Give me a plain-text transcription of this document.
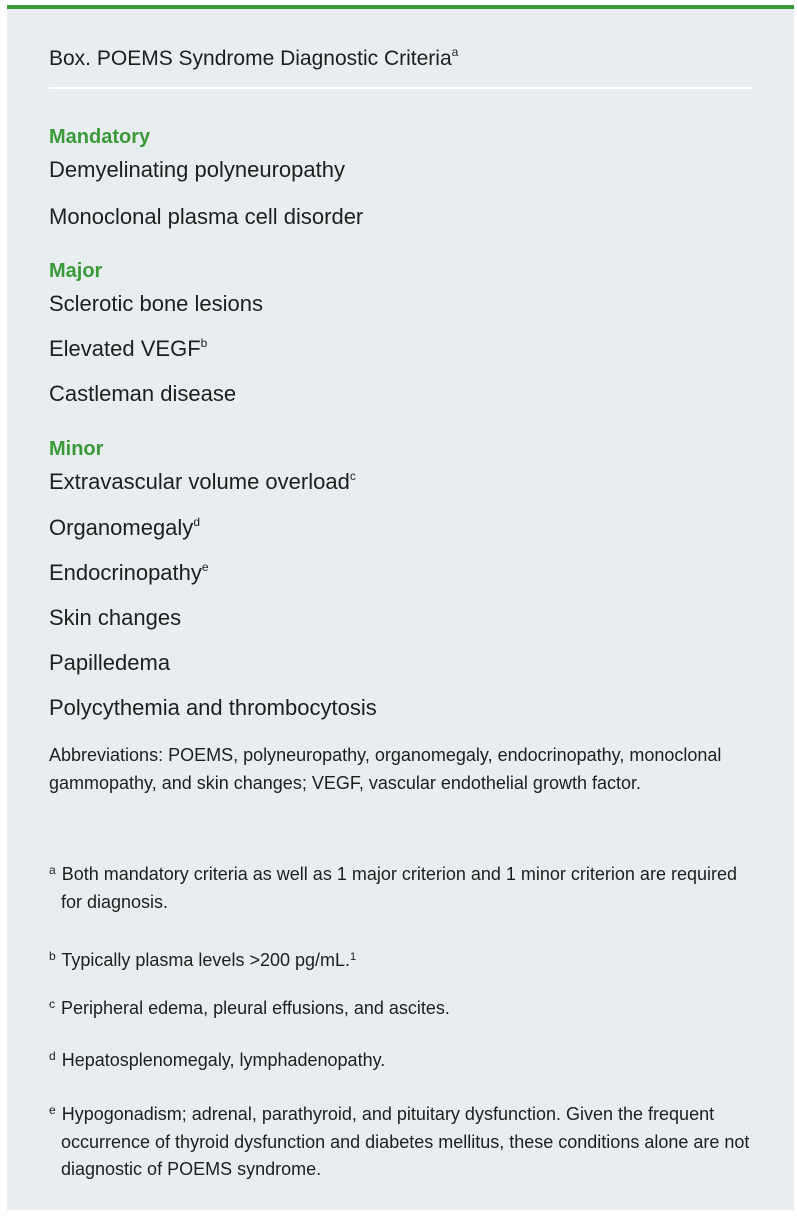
Box. POEMS Syndrome Diagnostic Criteria$^a$
Mandatory
Demyelinating polyneuropathy
Monoclonal plasma cell disorder
Major
Sclerotic bone lesions
Elevated VEGF$^b$
Castleman disease
Minor
Extravascular volume overload$^c$
Organomegaly$^d$
Endocrinopathy$^e$
Skin changes
Papilledema
Polycythemia and thrombocytosis
Abbreviations: POEMS, polyneuropathy, organomegaly, endocrinopathy, monoclonal gammopathy, and skin changes; VEGF, vascular endothelial growth factor.
$^a$ Both mandatory criteria as well as 1 major criterion and 1 minor criterion are required for diagnosis.
$^b$ Typically plasma levels >200 pg/mL.$^1$
$^c$ Peripheral edema, pleural effusions, and ascites.
$^d$ Hepatosplenomegaly, lymphadenopathy.
$^e$ Hypogonadism; adrenal, parathyroid, and pituitary dysfunction. Given the frequent occurrence of thyroid dysfunction and diabetes mellitus, these conditions alone are not diagnostic of POEMS syndrome.
